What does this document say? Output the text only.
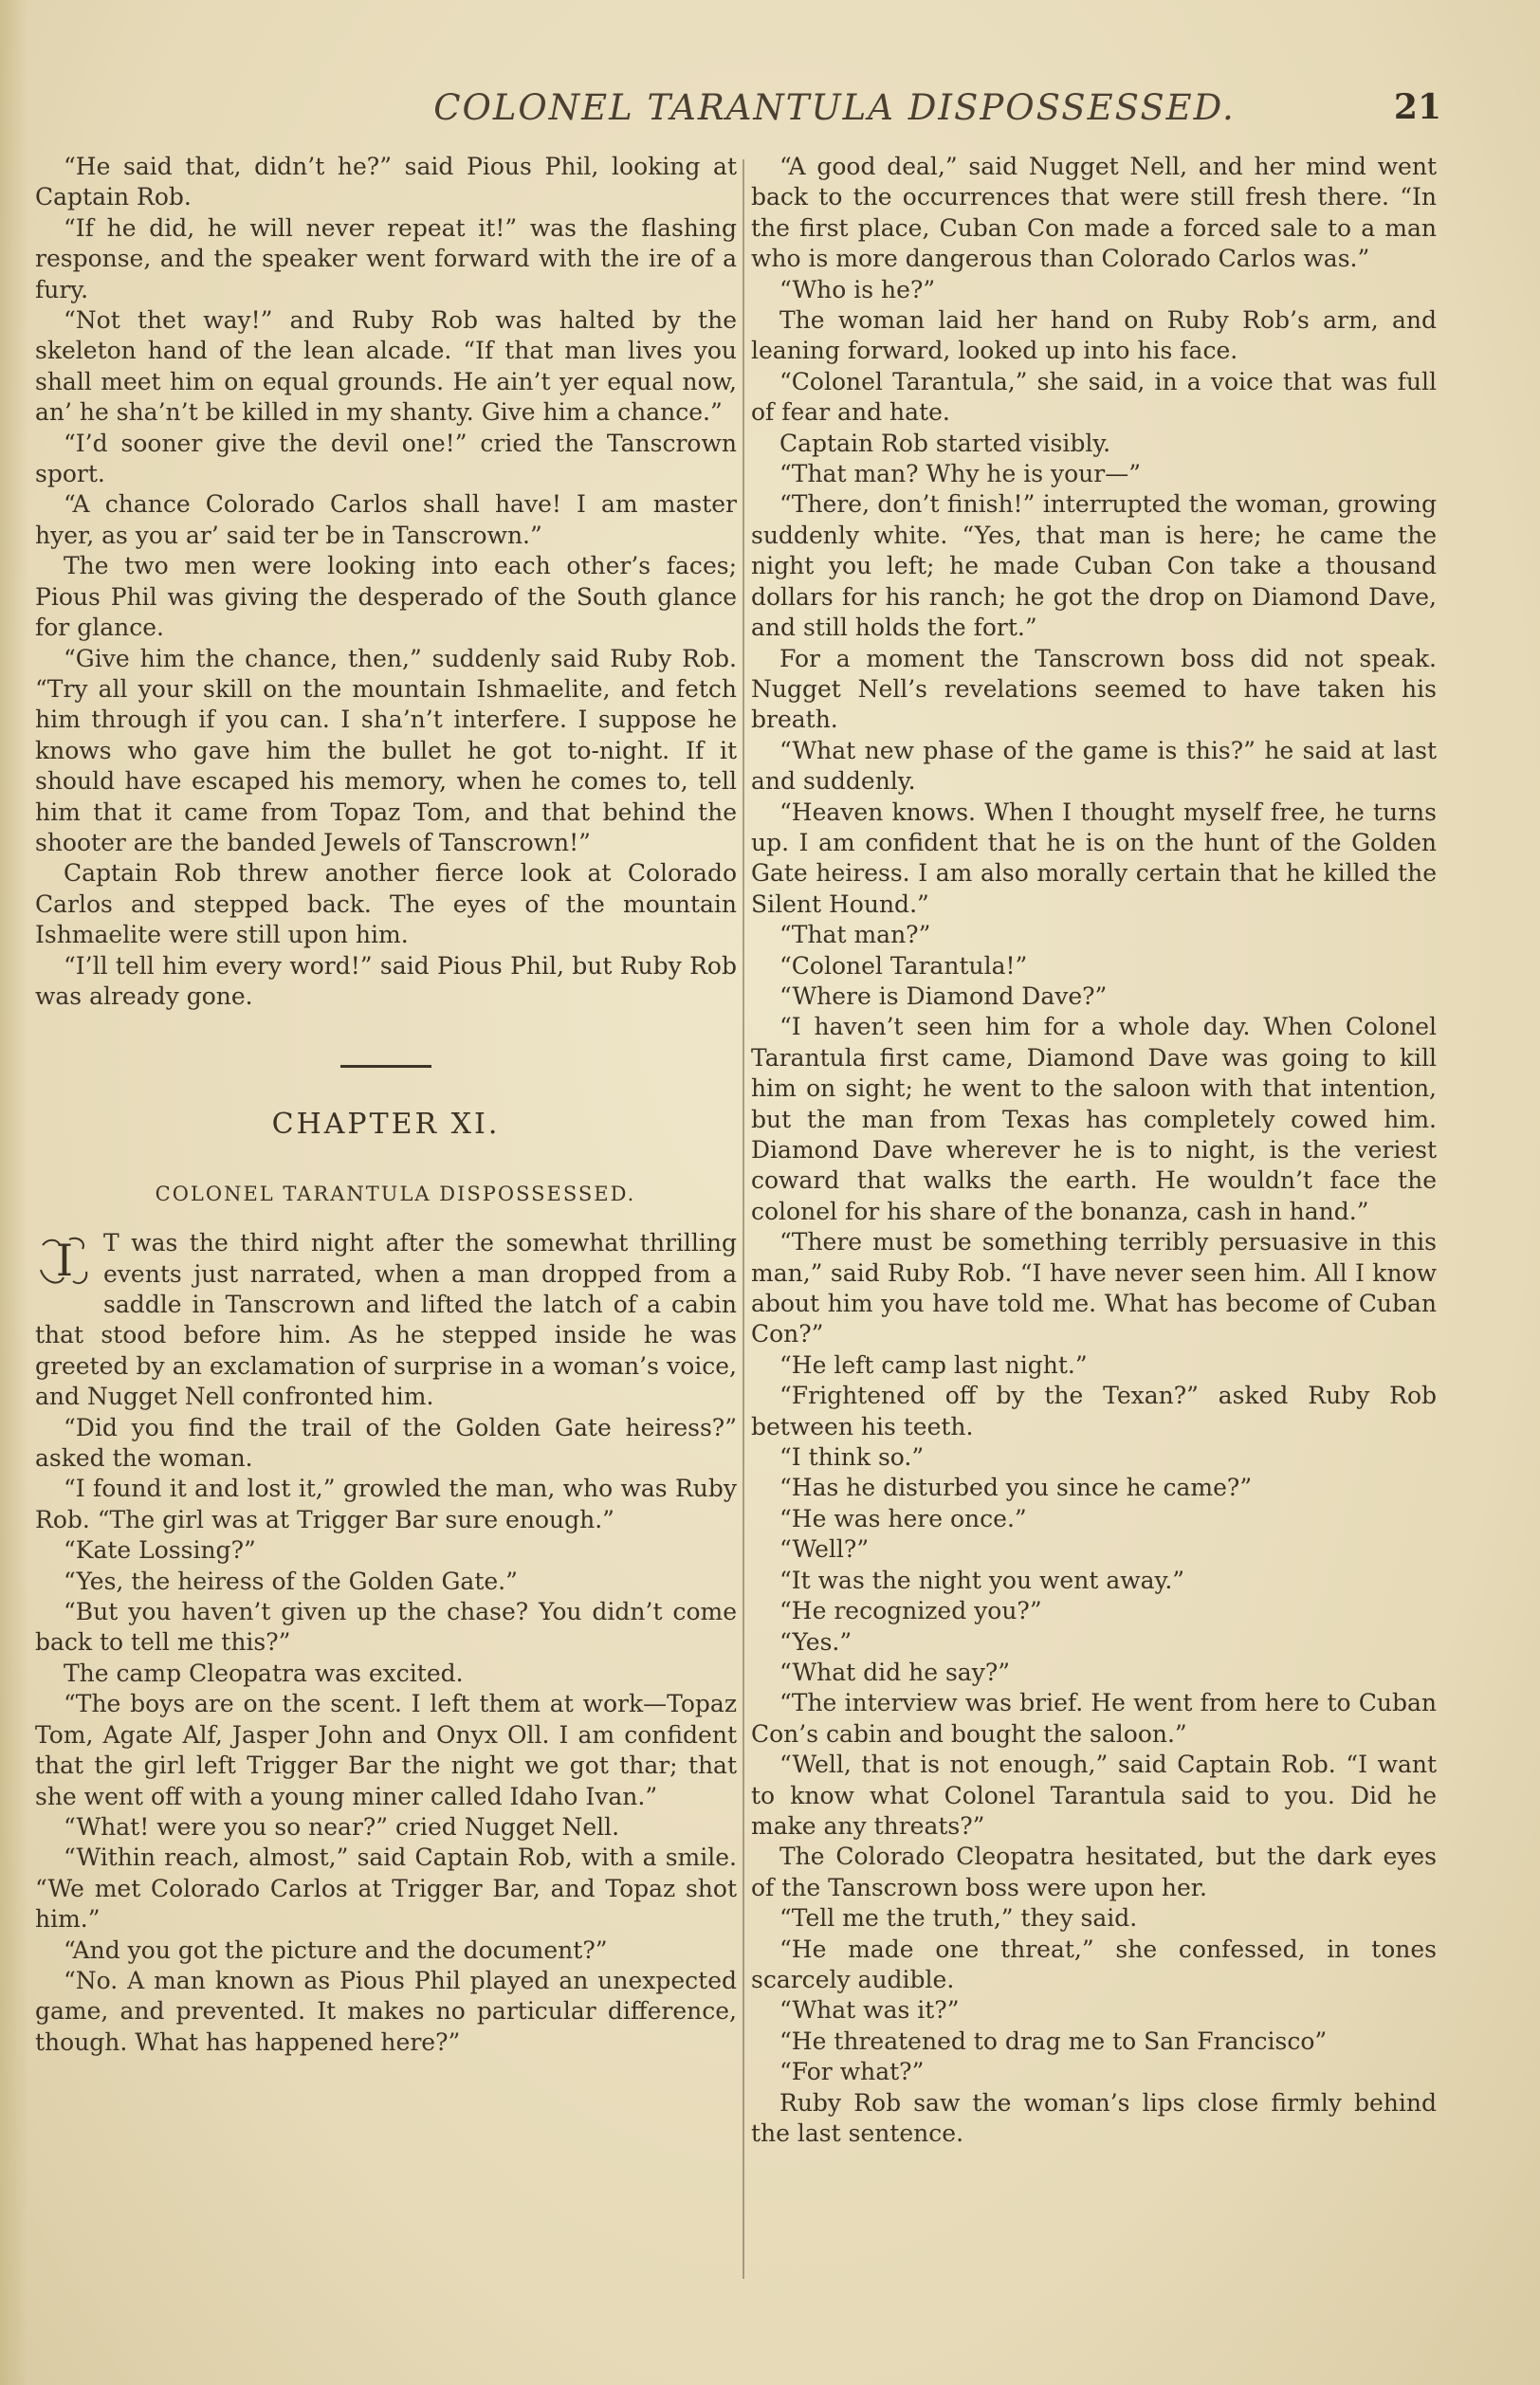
COLONEL TARANTULA DISPOSSESSED.	21

“He said that, didn’t he?” said Pious Phil, looking at Captain Rob.

“If he did, he will never repeat it!” was the flashing response, and the speaker went forward with the ire of a fury.

“Not thet way!” and Ruby Rob was halted by the skeleton hand of the lean alcade. “If that man lives you shall meet him on equal grounds. He ain’t yer equal now, an’ he sha’n’t be killed in my shanty. Give him a chance.”

“I’d sooner give the devil one!” cried the Tanscrown sport.

“A chance Colorado Carlos shall have! I am master hyer, as you ar’ said ter be in Tanscrown.”

The two men were looking into each other’s faces; Pious Phil was giving the desperado of the South glance for glance.

“Give him the chance, then,” suddenly said Ruby Rob. “Try all your skill on the mountain Ishmaelite, and fetch him through if you can. I sha’n’t interfere. I suppose he knows who gave him the bullet he got to-night. If it should have escaped his memory, when he comes to, tell him that it came from Topaz Tom, and that behind the shooter are the banded Jewels of Tanscrown!”

Captain Rob threw another fierce look at Colorado Carlos and stepped back. The eyes of the mountain Ishmaelite were still upon him.

“I’ll tell him every word!” said Pious Phil, but Ruby Rob was already gone.

CHAPTER XI.
COLONEL TARANTULA DISPOSSESSED.

I T was the third night after the somewhat thrilling events just narrated, when a man dropped from a saddle in Tanscrown and lifted the latch of a cabin that stood before him. As he stepped inside he was greeted by an exclamation of surprise in a woman’s voice, and Nugget Nell confronted him.

“Did you find the trail of the Golden Gate heiress?” asked the woman.

“I found it and lost it,” growled the man, who was Ruby Rob. “The girl was at Trigger Bar sure enough.”

“Kate Lossing?”

“Yes, the heiress of the Golden Gate.”

“But you haven’t given up the chase? You didn’t come back to tell me this?”

The camp Cleopatra was excited.

“The boys are on the scent. I left them at work—Topaz Tom, Agate Alf, Jasper John and Onyx Oll. I am confident that the girl left Trigger Bar the night we got thar; that she went off with a young miner called Idaho Ivan.”

“What! were you so near?” cried Nugget Nell.

“Within reach, almost,” said Captain Rob, with a smile. “We met Colorado Carlos at Trigger Bar, and Topaz shot him.”

“And you got the picture and the document?”

“No. A man known as Pious Phil played an unexpected game, and prevented. It makes no particular difference, though. What has happened here?”

“A good deal,” said Nugget Nell, and her mind went back to the occurrences that were still fresh there. “In the first place, Cuban Con made a forced sale to a man who is more dangerous than Colorado Carlos was.”

“Who is he?”

The woman laid her hand on Ruby Rob’s arm, and leaning forward, looked up into his face.

“Colonel Tarantula,” she said, in a voice that was full of fear and hate.

Captain Rob started visibly.

“That man? Why he is your—”

“There, don’t finish!” interrupted the woman, growing suddenly white. “Yes, that man is here; he came the night you left; he made Cuban Con take a thousand dollars for his ranch; he got the drop on Diamond Dave, and still holds the fort.”

For a moment the Tanscrown boss did not speak. Nugget Nell’s revelations seemed to have taken his breath.

“What new phase of the game is this?” he said at last and suddenly.

“Heaven knows. When I thought myself free, he turns up. I am confident that he is on the hunt of the Golden Gate heiress. I am also morally certain that he killed the Silent Hound.”

“That man?”

“Colonel Tarantula!”

“Where is Diamond Dave?”

“I haven’t seen him for a whole day. When Colonel Tarantula first came, Diamond Dave was going to kill him on sight; he went to the saloon with that intention, but the man from Texas has completely cowed him. Diamond Dave wherever he is to night, is the veriest coward that walks the earth. He wouldn’t face the colonel for his share of the bonanza, cash in hand.”

“There must be something terribly persuasive in this man,” said Ruby Rob. “I have never seen him. All I know about him you have told me. What has become of Cuban Con?”

“He left camp last night.”

“Frightened off by the Texan?” asked Ruby Rob between his teeth.

“I think so.”

“Has he disturbed you since he came?”

“He was here once.”

“Well?”

“It was the night you went away.”

“He recognized you?”

“Yes.”

“What did he say?”

“The interview was brief. He went from here to Cuban Con’s cabin and bought the saloon.”

“Well, that is not enough,” said Captain Rob. “I want to know what Colonel Tarantula said to you. Did he make any threats?”

The Colorado Cleopatra hesitated, but the dark eyes of the Tanscrown boss were upon her.

“Tell me the truth,” they said.

“He made one threat,” she confessed, in tones scarcely audible.

“What was it?”

“He threatened to drag me to San Francisco”

“For what?”

Ruby Rob saw the woman’s lips close firmly behind the last sentence.
